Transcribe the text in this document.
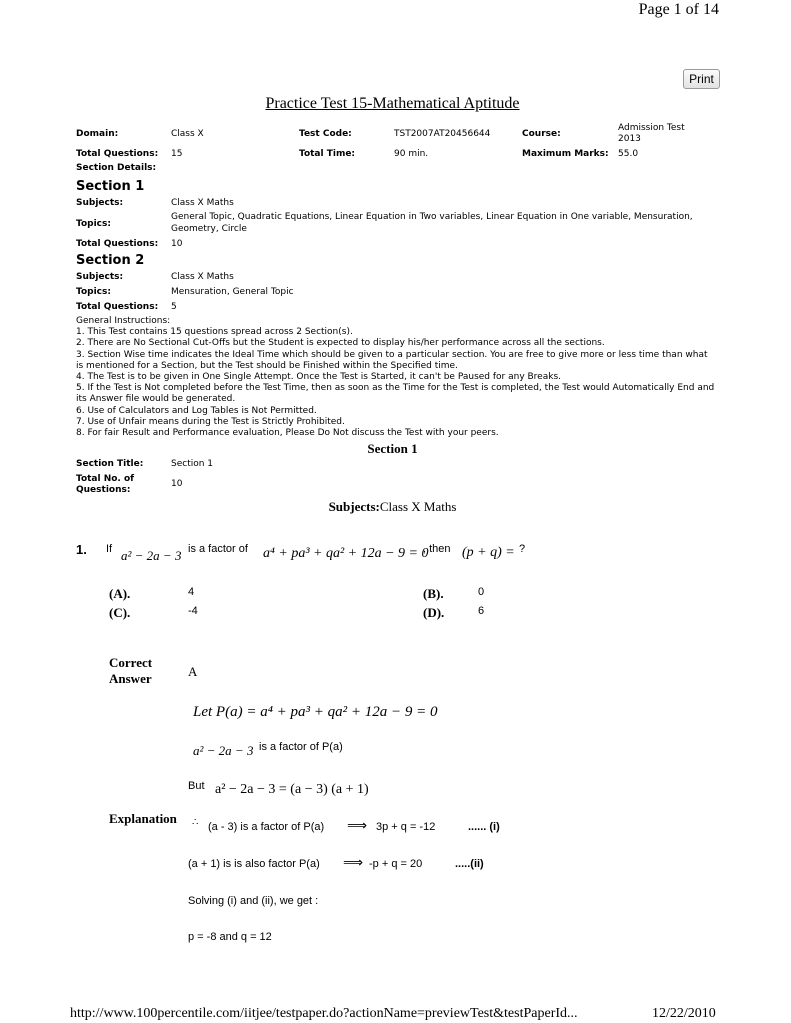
Page 1 of 14
Print
Practice Test 15-Mathematical Aptitude
Domain:	Class X	Test Code:	TST2007AT20456644	Course:	Admission Test
2013

Total Questions:	15	Total Time:	90 min.	Maximum Marks:	55.0
Section Details:					
Section 1
Subjects:	Class X Maths
Topics:
General Topic, Quadratic Equations, Linear Equation in Two variables, Linear Equation in One variable, Mensuration,
Geometry, Circle
Total Questions: 10
Section 2
Subjects:	Class X Maths
Topics:	Mensuration, General Topic
Total Questions: 5
General Instructions:
1. This Test contains 15 questions spread across 2 Section(s).
2. There are No Sectional Cut-Offs but the Student is expected to display his/her performance across all the sections.
3. Section Wise time indicates the Ideal Time which should be given to a particular section. You are free to give more or less time than what is mentioned for a Section, but the Test should be Finished within the Specified time.
4. The Test is to be given in One Single Attempt. Once the Test is Started, it can't be Paused for any Breaks.
5. If the Test is Not completed before the Test Time, then as soon as the Time for the Test is completed, the Test would Automatically End and its Answer file would be generated.
6. Use of Calculators and Log Tables is Not Permitted.
7. Use of Unfair means during the Test is Strictly Prohibited.
8. For fair Result and Performance evaluation, Please Do Not discuss the Test with your peers.
Section 1
Section Title:	Section 1
Total No. of
Questions:
10
Subjects:Class X Maths
1. If a² − 2a − 3 is a factor of a⁴ + pa³ + qa² + 12a − 9 = 0
, then (p + q) = ?
(A).	4	(B).	0
(C).	-4	(D).	6
Correct
Answer	A
Let P(a) = a⁴ + pa³ + qa² + 12a − 9 = 0
a² − 2a − 3 is a factor of P(a)
But a² − 2a − 3 = (a − 3) (a + 1)
Explanation ∴ (a - 3) is a factor of P(a) ⟹ 3p + q = -12	...... (i)
(a + 1) is is also factor P(a) ⟹ -p + q = 20	.....(ii)
Solving (i) and (ii), we get :
p = -8 and q = 12
http://www.100percentile.com/iitjee/testpaper.do?actionName=previewTest&testPaperId...	12/22/2010
